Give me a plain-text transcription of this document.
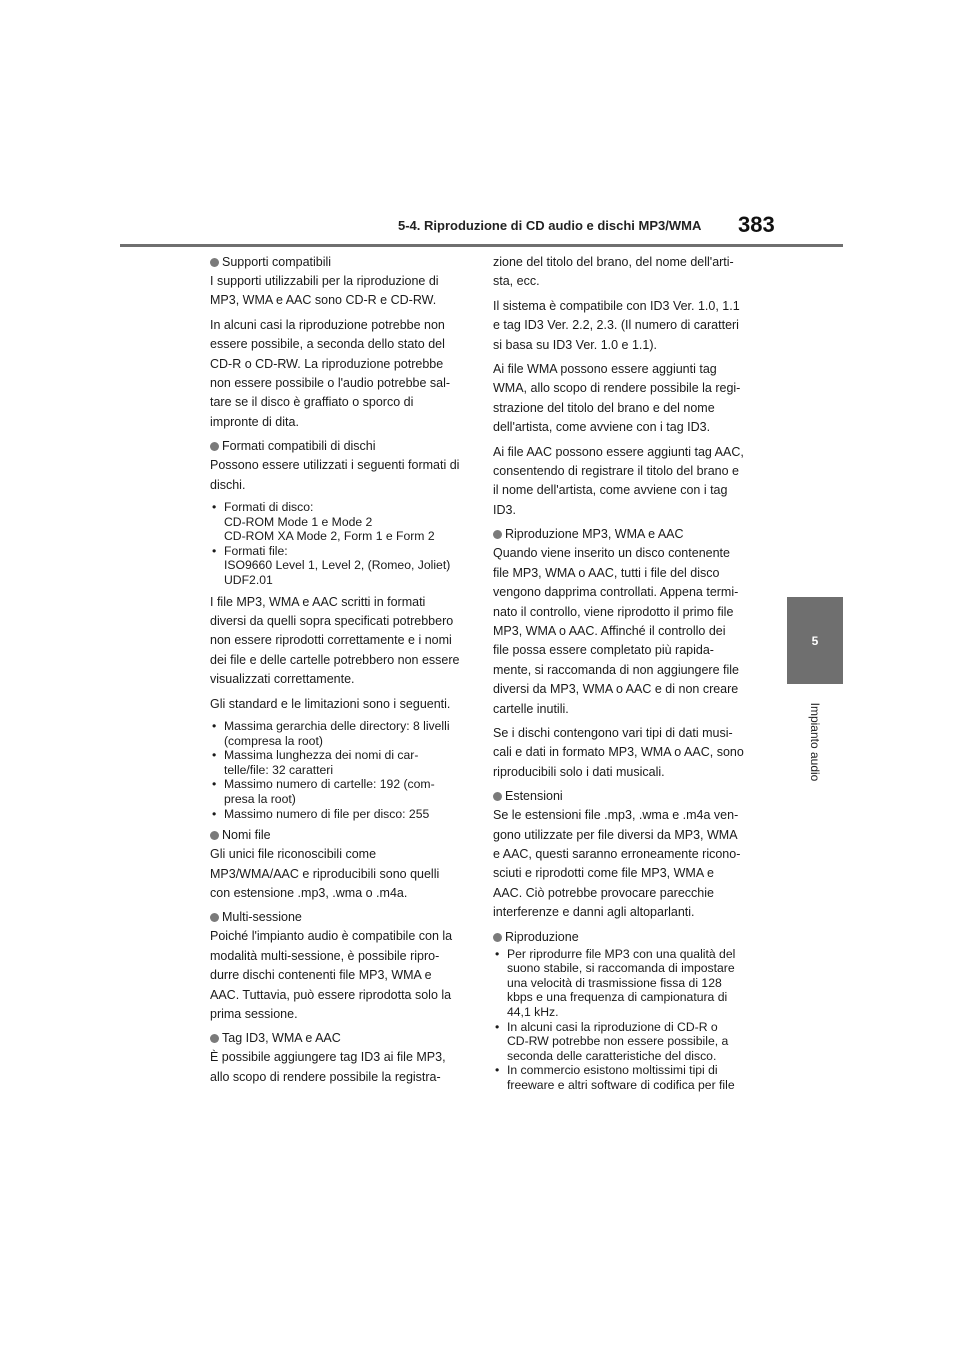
5-4. Riproduzione di CD audio e dischi MP3/WMA 383
5
Impianto audio
Supporti compatibili

I supporti utilizzabili per la riproduzione di
MP3, WMA e AAC sono CD-R e CD-RW.

In alcuni casi la riproduzione potrebbe non
essere possibile, a seconda dello stato del
CD-R o CD-RW. La riproduzione potrebbe
non essere possibile o l'audio potrebbe sal-
tare se il disco è graffiato o sporco di
impronte di dita.

Formati compatibili di dischi

Possono essere utilizzati i seguenti formati di
dischi.

• Formati di disco:
CD-ROM Mode 1 e Mode 2
CD-ROM XA Mode 2, Form 1 e Form 2
• Formati file:
ISO9660 Level 1, Level 2, (Romeo, Joliet)
UDF2.01

I file MP3, WMA e AAC scritti in formati
diversi da quelli sopra specificati potrebbero
non essere riprodotti correttamente e i nomi
dei file e delle cartelle potrebbero non essere
visualizzati correttamente.

Gli standard e le limitazioni sono i seguenti.

• Massima gerarchia delle directory: 8 livelli
(compresa la root)
• Massima lunghezza dei nomi di car-
telle/file: 32 caratteri
• Massimo numero di cartelle: 192 (com-
presa la root)
• Massimo numero di file per disco: 255
Nomi file

Gli unici file riconoscibili come
MP3/WMA/AAC e riproducibili sono quelli
con estensione .mp3, .wma o .m4a.

Multi-sessione

Poiché l'impianto audio è compatibile con la
modalità multi-sessione, è possibile ripro-
durre dischi contenenti file MP3, WMA e
AAC. Tuttavia, può essere riprodotta solo la
prima sessione.

Tag ID3, WMA e AAC

È possibile aggiungere tag ID3 ai file MP3,
allo scopo di rendere possibile la registra-

zione del titolo del brano, del nome dell'arti-
sta, ecc.

Il sistema è compatibile con ID3 Ver. 1.0, 1.1
e tag ID3 Ver. 2.2, 2.3. (Il numero di caratteri
si basa su ID3 Ver. 1.0 e 1.1).

Ai file WMA possono essere aggiunti tag
WMA, allo scopo di rendere possibile la regi-
strazione del titolo del brano e del nome
dell'artista, come avviene con i tag ID3.

Ai file AAC possono essere aggiunti tag AAC,
consentendo di registrare il titolo del brano e
il nome dell'artista, come avviene con i tag
ID3.

Riproduzione MP3, WMA e AAC

Quando viene inserito un disco contenente
file MP3, WMA o AAC, tutti i file del disco
vengono dapprima controllati. Appena termi-
nato il controllo, viene riprodotto il primo file
MP3, WMA o AAC. Affinché il controllo dei
file possa essere completato più rapida-
mente, si raccomanda di non aggiungere file
diversi da MP3, WMA o AAC e di non creare
cartelle inutili.

Se i dischi contengono vari tipi di dati musi-
cali e dati in formato MP3, WMA o AAC, sono
riproducibili solo i dati musicali.

Estensioni

Se le estensioni file .mp3, .wma e .m4a ven-
gono utilizzate per file diversi da MP3, WMA
e AAC, questi saranno erroneamente ricono-
sciuti e riprodotti come file MP3, WMA e
AAC. Ciò potrebbe provocare parecchie
interferenze e danni agli altoparlanti.

Riproduzione
• Per riprodurre file MP3 con una qualità del
suono stabile, si raccomanda di impostare
una velocità di trasmissione fissa di 128
kbps e una frequenza di campionatura di
44,1 kHz.
• In alcuni casi la riproduzione di CD-R o
CD-RW potrebbe non essere possibile, a
seconda delle caratteristiche del disco.
• In commercio esistono moltissimi tipi di
freeware e altri software di codifica per file
